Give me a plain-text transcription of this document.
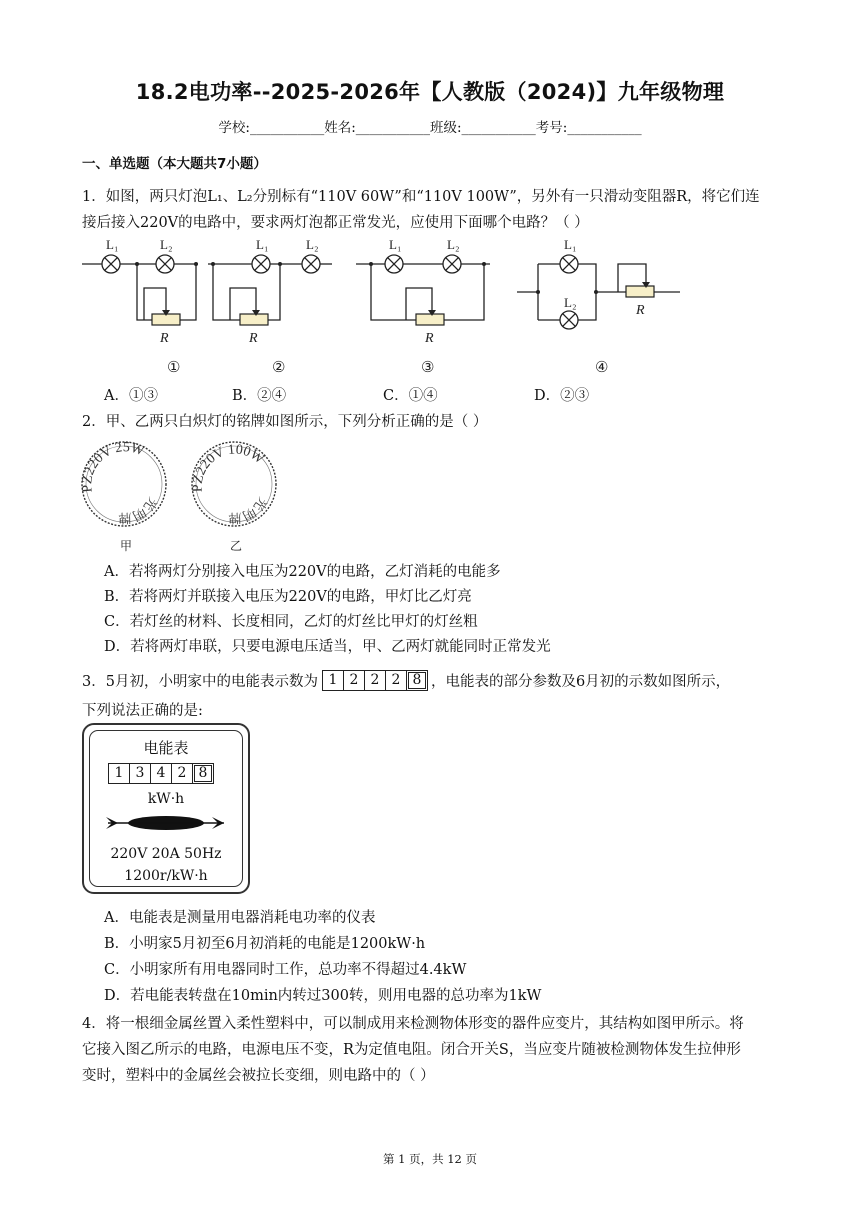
18.2电功率--2025-2026年【人教版（2024)】九年级物理
学校:___________姓名:___________班级:___________考号:___________
一、单选题（本大题共7小题）
1．如图，两只灯泡L₁、L₂分别标有“110V 60W”和“110V 100W”，另外有一只滑动变阻器R，将它们连
接后接入220V的电路中，要求两灯泡都正常发光，应使用下面哪个电路？（ ）
L₁	L₂	L₁	L₂	L₁	L₂	L₁
L₂
R	R	R
R
①	②	③	④
A．①③	B．②④	C．①④	D．②③
2．甲、乙两只白炽灯的铭牌如图所示，下列分析正确的是（ ）
PZ220V 25W
光明牌
甲
PZ220V 100W
光明牌
乙
A．若将两灯分别接入电压为220V的电路，乙灯消耗的电能多
B．若将两灯并联接入电压为220V的电路，甲灯比乙灯亮
C．若灯丝的材料、长度相同，乙灯的灯丝比甲灯的灯丝粗
D．若将两灯串联，只要电源电压适当，甲、乙两灯就能同时正常发光
3．5月初，小明家中的电能表示数为 1 2 2 2 8 ，电能表的部分参数及6月初的示数如图所示，
下列说法正确的是:
电能表
1 3 4 2 8
kW·h
220V 20A 50Hz
1200r/kW·h
A．电能表是测量用电器消耗电功率的仪表
B．小明家5月初至6月初消耗的电能是1200kW·h
C．小明家所有用电器同时工作，总功率不得超过4.4kW
D．若电能表转盘在10min内转过300转，则用电器的总功率为1kW
4．将一根细金属丝置入柔性塑料中，可以制成用来检测物体形变的器件应变片，其结构如图甲所示。将
它接入图乙所示的电路，电源电压不变，R为定值电阻。闭合开关S，当应变片随被检测物体发生拉伸形
变时，塑料中的金属丝会被拉长变细，则电路中的（ ）
第 1 页，共 12 页
